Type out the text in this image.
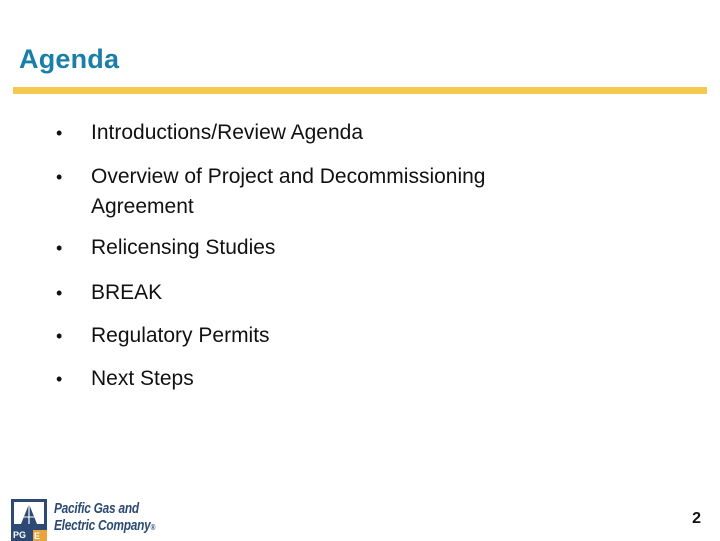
Agenda
• Introductions/Review Agenda
• Overview of Project and Decommissioning Agreement
• Relicensing Studies
• BREAK
• Regulatory Permits
• Next Steps
PG E
Pacific Gas and
Electric Company®
2
